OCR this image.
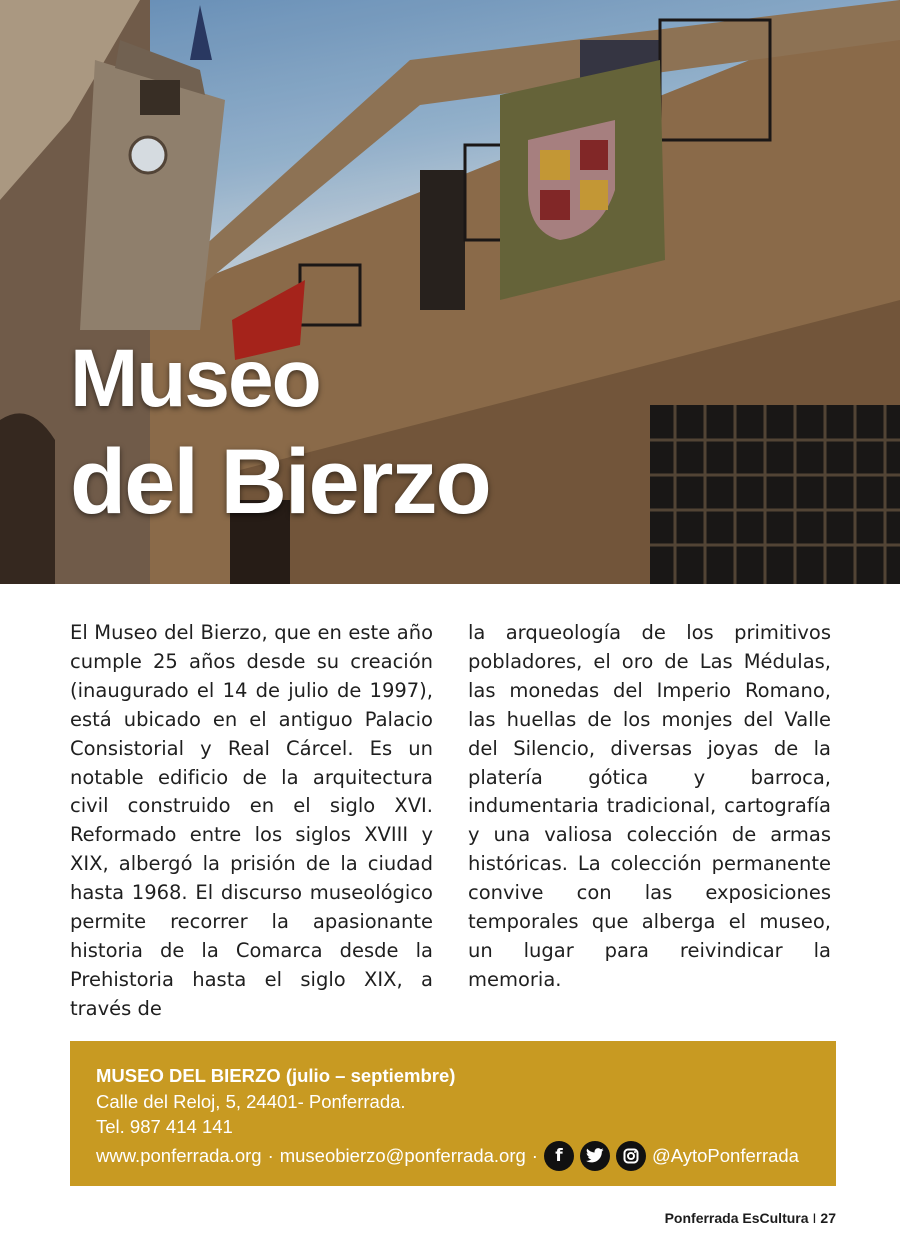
Museo
del Bierzo
El Museo del Bierzo, que en este año cumple 25 años desde su creación (inaugurado el 14 de julio de 1997), está ubicado en el antiguo Palacio Consistorial y Real Cárcel. Es un notable edificio de la arquitectura civil construido en el siglo XVI. Reformado entre los siglos XVIII y XIX, albergó la prisión de la ciudad hasta 1968. El discurso museológico permite recorrer la apasionante historia de la Comarca desde la Prehistoria hasta el siglo XIX, a través de
la arqueología de los primitivos pobladores, el oro de Las Médulas, las monedas del Imperio Romano, las huellas de los monjes del Valle del Silencio, diversas joyas de la platería gótica y barroca, indumentaria tradicional, cartografía y una valiosa colección de armas históricas. La colección permanente convive con las exposiciones temporales que alberga el museo, un lugar para reivindicar la memoria.
MUSEO DEL BIERZO (julio – septiembre)
Calle del Reloj, 5, 24401- Ponferrada.
Tel. 987 414 141
www.ponferrada.org · museobierzo@ponferrada.org ·	f	@AytoPonferrada
Ponferrada EsCultura I 27
